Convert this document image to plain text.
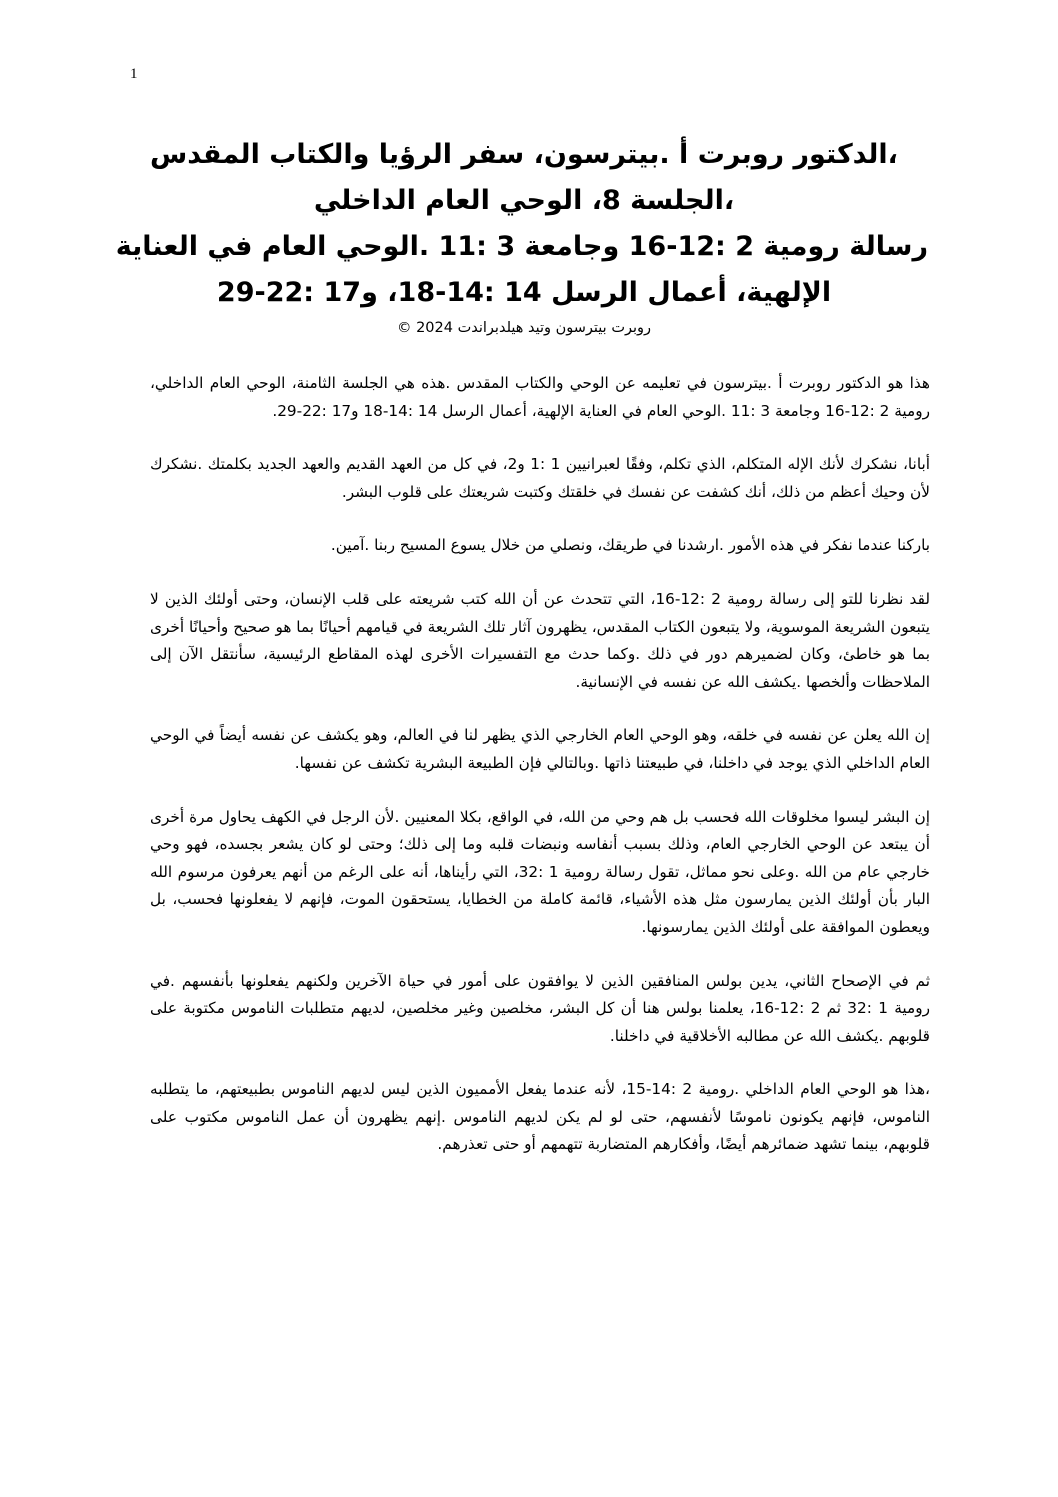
1
،الدكتور روبرت أ .بيترسون، سفر الرؤيا والكتاب المقدس
،الجلسة 8، الوحي العام الداخلي
رسالة رومية 2 :12-16 وجامعة 3 :11 .الوحي العام في العناية
الإلهية، أعمال الرسل 14 :14-18، و17 :22-29
روبرت بيترسون وتيد هيلدبراندت 2024 ©

هذا هو الدكتور روبرت أ .بيترسون في تعليمه عن الوحي والكتاب المقدس .هذه هي الجلسة الثامنة، الوحي العام الداخلي، رومية 2 :12-16 وجامعة 3 :11 .الوحي العام في العناية الإلهية، أعمال الرسل 14 :14-18 و17 :22-29.

أبانا، نشكرك لأنك الإله المتكلم، الذي تكلم، وفقًا لعبرانيين 1 :1 و2، في كل من العهد القديم والعهد الجديد بكلمتك .نشكرك لأن وحيك أعظم من ذلك، أنك كشفت عن نفسك في خلقتك وكتبت شريعتك على قلوب البشر.

باركنا عندما نفكر في هذه الأمور .ارشدنا في طريقك، ونصلي من خلال يسوع المسيح ربنا .آمين.

لقد نظرنا للتو إلى رسالة رومية 2 :12-16، التي تتحدث عن أن الله كتب شريعته على قلب الإنسان، وحتى أولئك الذين لا يتبعون الشريعة الموسوية، ولا يتبعون الكتاب المقدس، يظهرون آثار تلك الشريعة في قيامهم أحيانًا بما هو صحيح وأحيانًا أخرى بما هو خاطئ، وكان لضميرهم دور في ذلك .وكما حدث مع التفسيرات الأخرى لهذه المقاطع الرئيسية، سأنتقل الآن إلى الملاحظات وألخصها .يكشف الله عن نفسه في الإنسانية.

إن الله يعلن عن نفسه في خلقه، وهو الوحي العام الخارجي الذي يظهر لنا في العالم، وهو يكشف عن نفسه أيضاً في الوحي العام الداخلي الذي يوجد في داخلنا، في طبيعتنا ذاتها .وبالتالي فإن الطبيعة البشرية تكشف عن نفسها.

إن البشر ليسوا مخلوقات الله فحسب بل هم وحي من الله، في الواقع، بكلا المعنيين .لأن الرجل في الكهف يحاول مرة أخرى أن يبتعد عن الوحي الخارجي العام، وذلك بسبب أنفاسه ونبضات قلبه وما إلى ذلك؛ وحتى لو كان يشعر بجسده، فهو وحي خارجي عام من الله .وعلى نحو مماثل، تقول رسالة رومية 1 :32، التي رأيناها، أنه على الرغم من أنهم يعرفون مرسوم الله البار بأن أولئك الذين يمارسون مثل هذه الأشياء، قائمة كاملة من الخطايا، يستحقون الموت، فإنهم لا يفعلونها فحسب، بل ويعطون الموافقة على أولئك الذين يمارسونها.

ثم في الإصحاح الثاني، يدين بولس المنافقين الذين لا يوافقون على أمور في حياة الآخرين ولكنهم يفعلونها بأنفسهم .في رومية 1 :32 ثم 2 :12-16، يعلمنا بولس هنا أن كل البشر، مخلصين وغير مخلصين، لديهم متطلبات الناموس مكتوبة على قلوبهم .يكشف الله عن مطالبه الأخلاقية في داخلنا.

،هذا هو الوحي العام الداخلي .رومية 2 :14-15، لأنه عندما يفعل الأمميون الذين ليس لديهم الناموس بطبيعتهم، ما يتطلبه الناموس، فإنهم يكونون ناموسًا لأنفسهم، حتى لو لم يكن لديهم الناموس .إنهم يظهرون أن عمل الناموس مكتوب على قلوبهم، بينما تشهد ضمائرهم أيضًا، وأفكارهم المتضاربة تتهمهم أو حتى تعذرهم.
